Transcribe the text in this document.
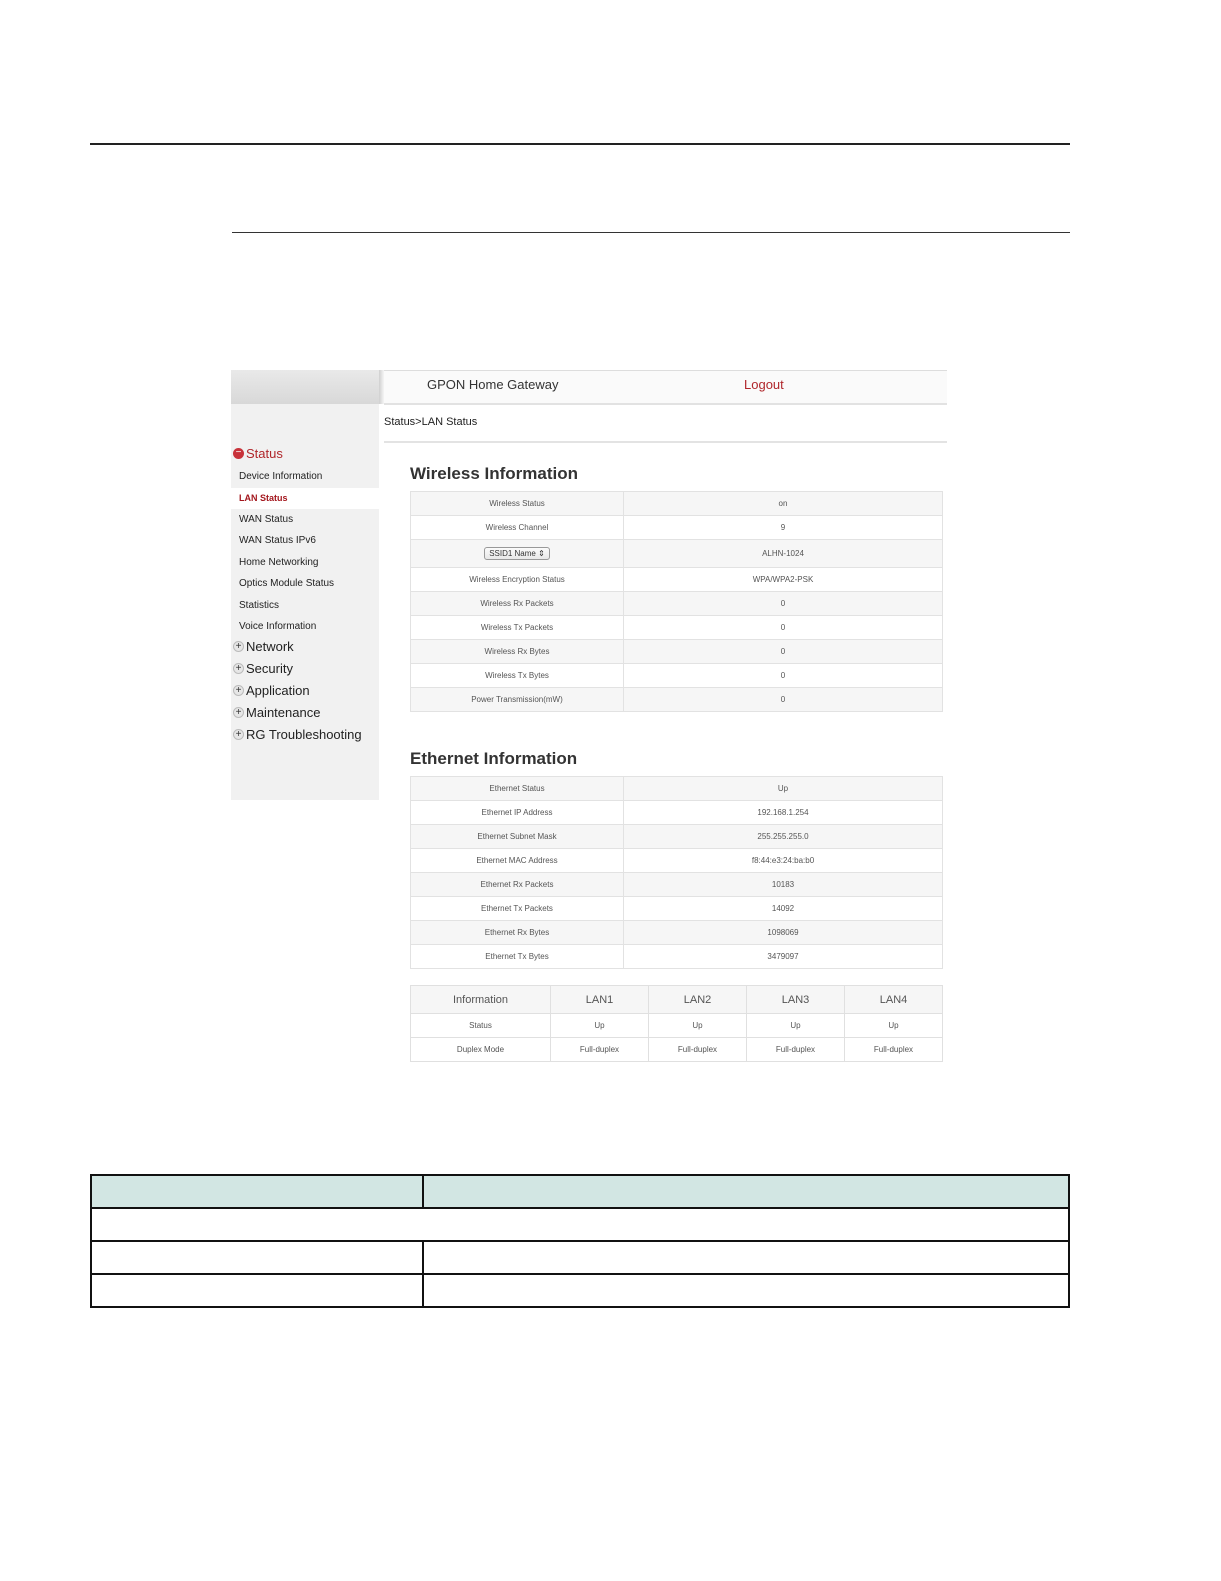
GPON Home Gateway	Logout
Status>LAN Status
− Status
Device Information
LAN Status
WAN Status
WAN Status IPv6
Home Networking
Optics Module Status
Statistics
Voice Information
+ Network
+ Security
+ Application
+ Maintenance
+ RG Troubleshooting
Wireless Information
Wireless Status	on
Wireless Channel	9
SSID1 Name ⇕	ALHN-1024
Wireless Encryption Status	WPA/WPA2-PSK
Wireless Rx Packets	0
Wireless Tx Packets	0
Wireless Rx Bytes	0
Wireless Tx Bytes	0
Power Transmission(mW)	0
Ethernet Information
Ethernet Status	Up
Ethernet IP Address	192.168.1.254
Ethernet Subnet Mask	255.255.255.0
Ethernet MAC Address	f8:44:e3:24:ba:b0
Ethernet Rx Packets	10183
Ethernet Tx Packets	14092
Ethernet Rx Bytes	1098069
Ethernet Tx Bytes	3479097
Information	LAN1	LAN2	LAN3	LAN4
Status	Up	Up	Up	Up
Duplex Mode	Full-duplex	Full-duplex	Full-duplex	Full-duplex
